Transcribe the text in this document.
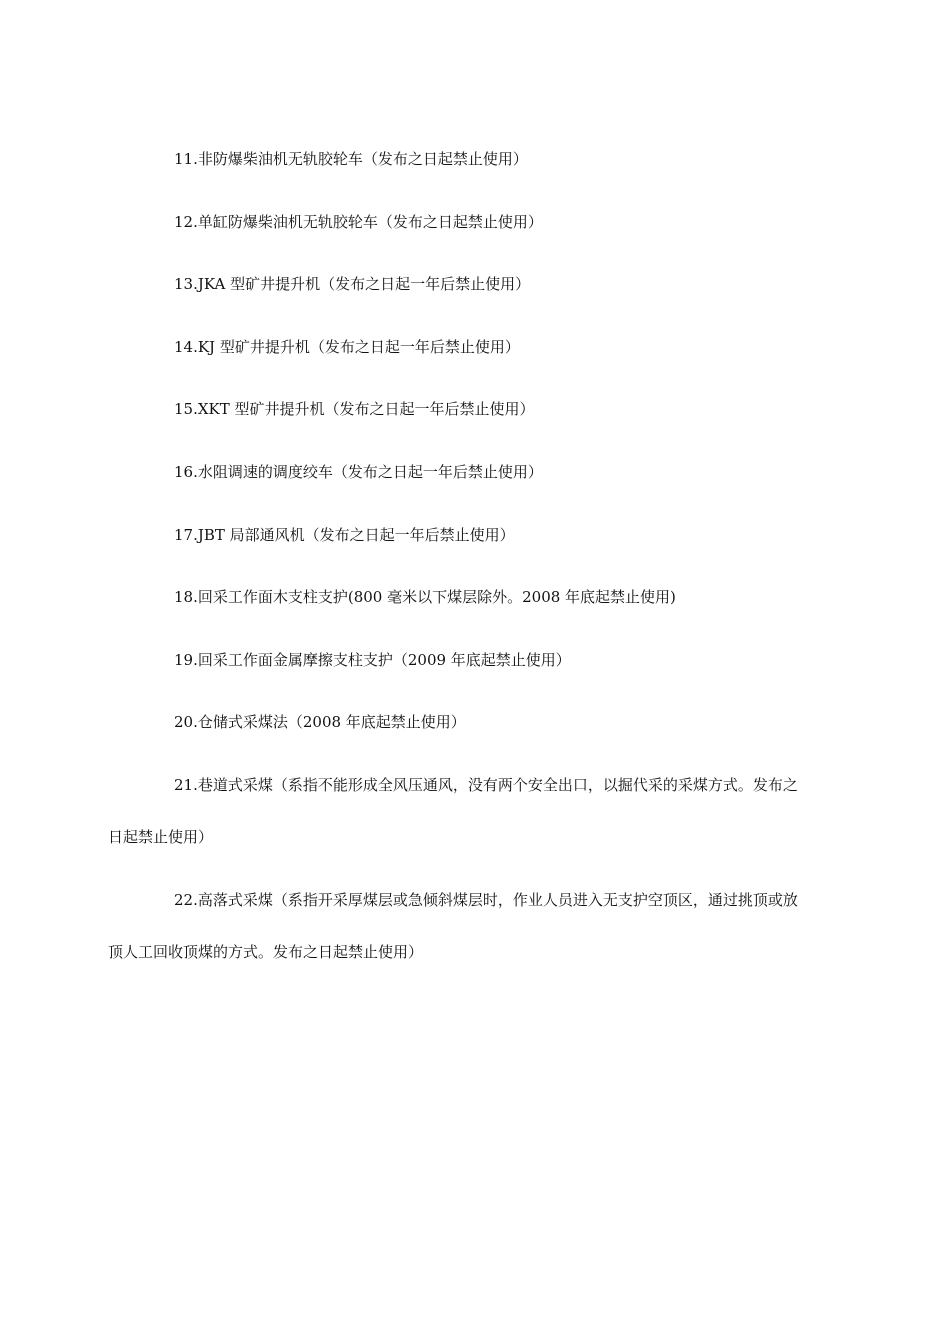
11.非防爆柴油机无轨胶轮车（发布之日起禁止使用）

12.单缸防爆柴油机无轨胶轮车（发布之日起禁止使用）

13.JKA 型矿井提升机（发布之日起一年后禁止使用）

14.KJ 型矿井提升机（发布之日起一年后禁止使用）

15.XKT 型矿井提升机（发布之日起一年后禁止使用）

16.水阻调速的调度绞车（发布之日起一年后禁止使用）

17.JBT 局部通风机（发布之日起一年后禁止使用）

18.回采工作面木支柱支护(800 毫米以下煤层除外。2008 年底起禁止使用)

19.回采工作面金属摩擦支柱支护（2009 年底起禁止使用）

20.仓储式采煤法（2008 年底起禁止使用）

21.巷道式采煤（系指不能形成全风压通风，没有两个安全出口，以掘代采的采煤方式。发布之
日起禁止使用）

22.高落式采煤（系指开采厚煤层或急倾斜煤层时，作业人员进入无支护空顶区，通过挑顶或放
顶人工回收顶煤的方式。发布之日起禁止使用）
